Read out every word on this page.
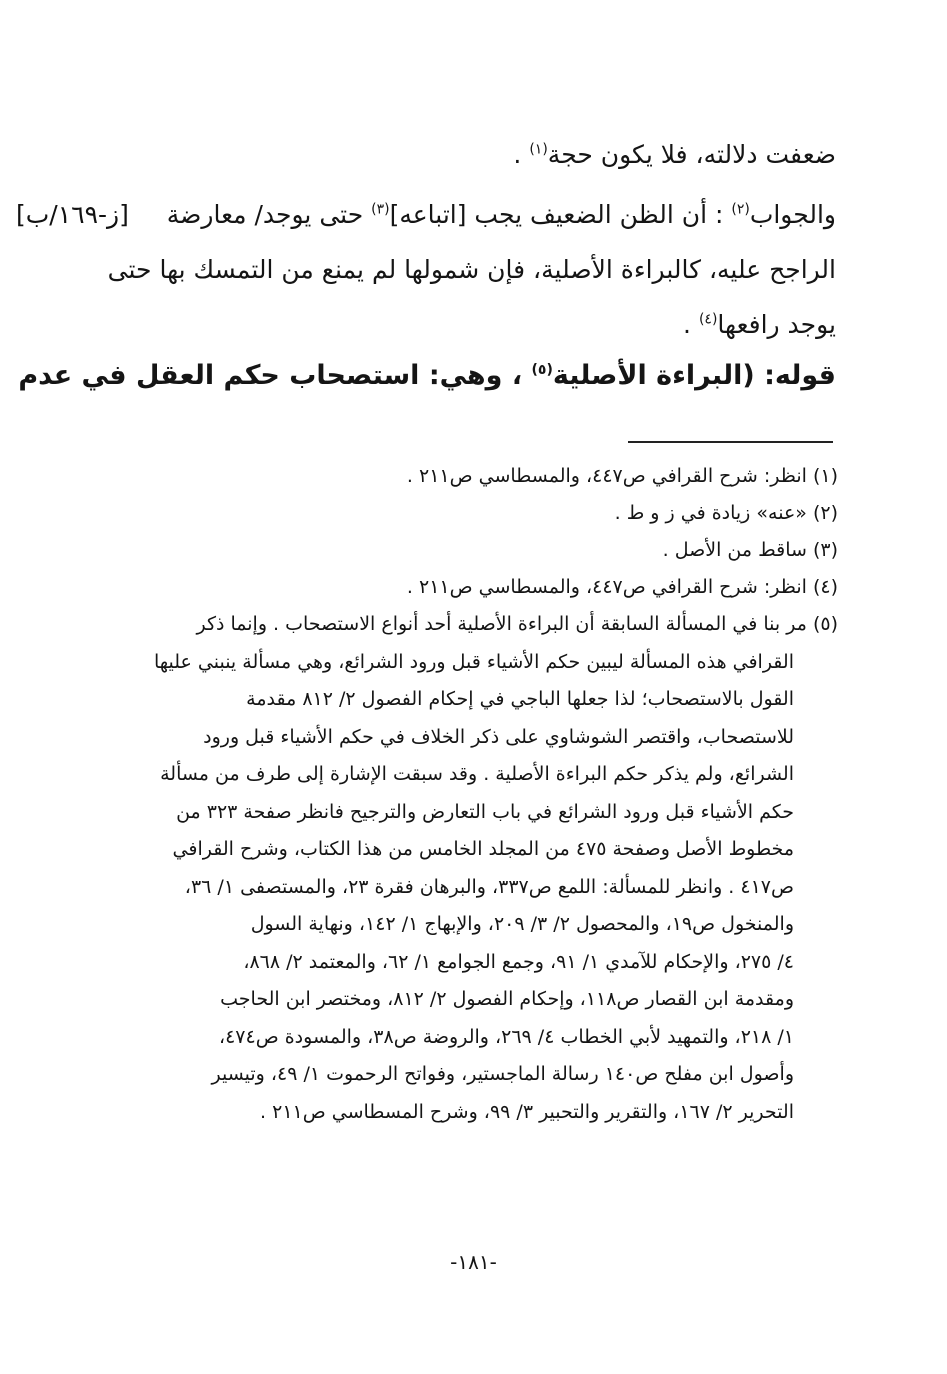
ضعفت دلالته، فلا يكون حجة$^{(١)}$ .
والجواب$^{(٢)}$ : أن الظن الضعيف يجب [اتباعه]$^{(٣)}$ حتى يوجد/ معارضة
الراجح عليه، كالبراءة الأصلية، فإن شمولها لم يمنع من التمسك بها حتى
يوجد رافعها$^{(٤)}$ .
قوله: (البراءة الأصلية$^{(٥)}$ ، وهي: استصحاب حكم العقل في عدم
[ز-١٦٩/ب]
(١) انظر: شرح القرافي ص٤٤٧، والمسطاسي ص٢١١ .
(٢) «عنه» زيادة في ز و ط .
(٣) ساقط من الأصل .
(٤) انظر: شرح القرافي ص٤٤٧، والمسطاسي ص٢١١ .
(٥) مر بنا في المسألة السابقة أن البراءة الأصلية أحد أنواع الاستصحاب . وإنما ذكر
القرافي هذه المسألة ليبين حكم الأشياء قبل ورود الشرائع، وهي مسألة ينبني عليها
القول بالاستصحاب؛ لذا جعلها الباجي في إحكام الفصول ٢/ ٨١٢ مقدمة
للاستصحاب، واقتصر الشوشاوي على ذكر الخلاف في حكم الأشياء قبل ورود
الشرائع، ولم يذكر حكم البراءة الأصلية . وقد سبقت الإشارة إلى طرف من مسألة
حكم الأشياء قبل ورود الشرائع في باب التعارض والترجيح فانظر صفحة ٣٢٣ من
مخطوط الأصل وصفحة ٤٧٥ من المجلد الخامس من هذا الكتاب، وشرح القرافي
ص٤١٧ . وانظر للمسألة: اللمع ص٣٣٧، والبرهان فقرة ٢٣، والمستصفى ١/ ٣٦،
والمنخول ص١٩، والمحصول ٢/ ٣/ ٢٠٩، والإبهاج ١/ ١٤٢، ونهاية السول
٤/ ٢٧٥، والإحكام للآمدي ١/ ٩١، وجمع الجوامع ١/ ٦٢، والمعتمد ٢/ ٨٦٨،
ومقدمة ابن القصار ص١١٨، وإحكام الفصول ٢/ ٨١٢، ومختصر ابن الحاجب
١/ ٢١٨، والتمهيد لأبي الخطاب ٤/ ٢٦٩، والروضة ص٣٨، والمسودة ص٤٧٤،
وأصول ابن مفلح ص١٤٠ رسالة الماجستير، وفواتح الرحموت ١/ ٤٩، وتيسير
التحرير ٢/ ١٦٧، والتقرير والتحبير ٣/ ٩٩، وشرح المسطاسي ص٢١١ .
-١٨١-
